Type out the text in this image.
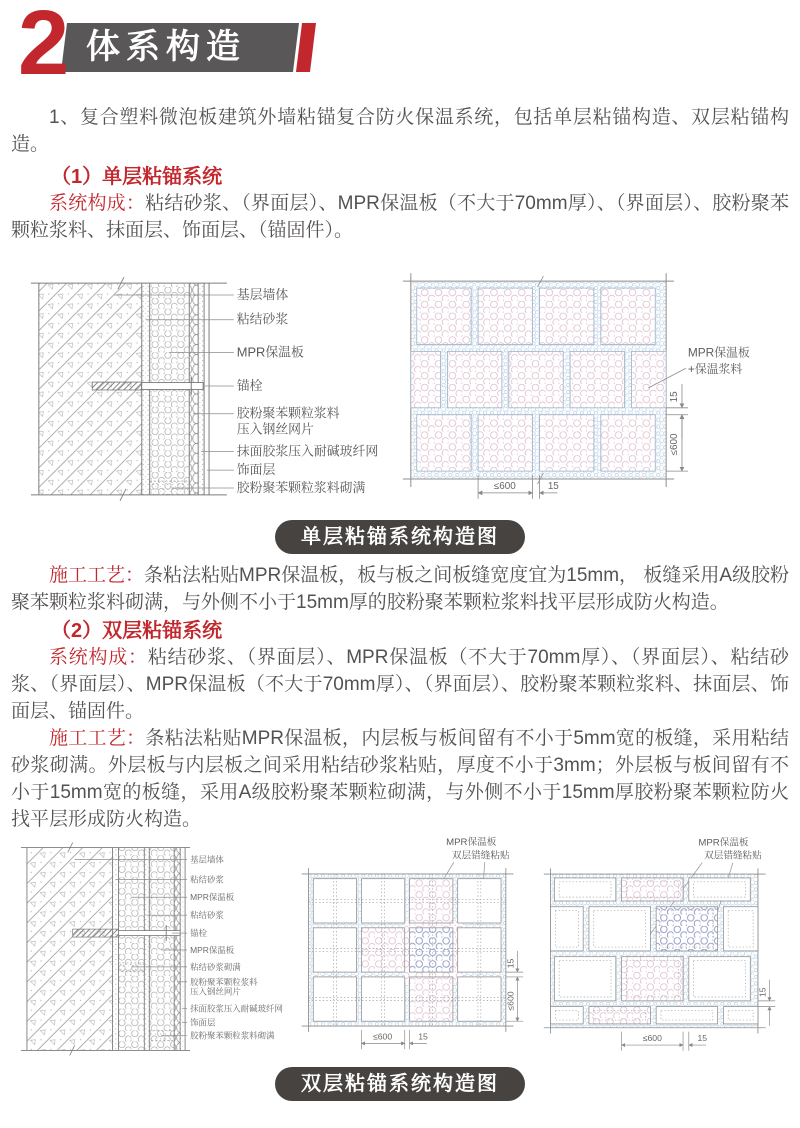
2 体系构造

1、复合塑料微泡板建筑外墙粘锚复合防火保温系统，包括单层粘锚构造、双层粘锚构造。

（1）单层粘锚系统

系统构成：粘结砂浆、（界面层）、MPR保温板（不大于70mm厚）、（界面层）、胶粉聚苯颗粒浆料、抹面层、饰面层、（锚固件）。

基层墙体
粘结砂浆
MPR保温板
锚栓
胶粉聚苯颗粒浆料
压入钢丝网片
抹面胶浆压入耐碱玻纤网
饰面层
胶粉聚苯颗粒浆料砌满
MPR保温板
+保温浆料
15
≤600
≤600	15
单层粘锚系统构造图

施工工艺：条粘法粘贴MPR保温板，板与板之间板缝宽度宜为15mm， 板缝采用A级胶粉聚苯颗粒浆料砌满，与外侧不小于15mm厚的胶粉聚苯颗粒浆料找平层形成防火构造。

（2）双层粘锚系统

系统构成：粘结砂浆、（界面层）、MPR保温板（不大于70mm厚）、（界面层）、粘结砂浆、（界面层）、MPR保温板（不大于70mm厚）、（界面层）、胶粉聚苯颗粒浆料、抹面层、饰面层、锚固件。

施工工艺：条粘法粘贴MPR保温板，内层板与板间留有不小于5mm宽的板缝，采用粘结砂浆砌满。外层板与内层板之间采用粘结砂浆粘贴，厚度不小于3mm；外层板与板间留有不小于15mm宽的板缝，采用A级胶粉聚苯颗粒砌满，与外侧不小于15mm厚胶粉聚苯颗粒防火找平层形成防火构造。

基层墙体
粘结砂浆
MPR保温板
粘结砂浆
锚栓
MPR保温板
粘结砂浆砌满
胶粉聚苯颗粒浆料
压入钢丝网片
抹面胶浆压入耐碱玻纤网
饰面层
胶粉聚苯颗粒浆料砌满
MPR保温板
双层错缝粘贴
≤600	15
15
≤600
MPR保温板
双层错缝粘贴
≤600	15
15
双层粘锚系统构造图
